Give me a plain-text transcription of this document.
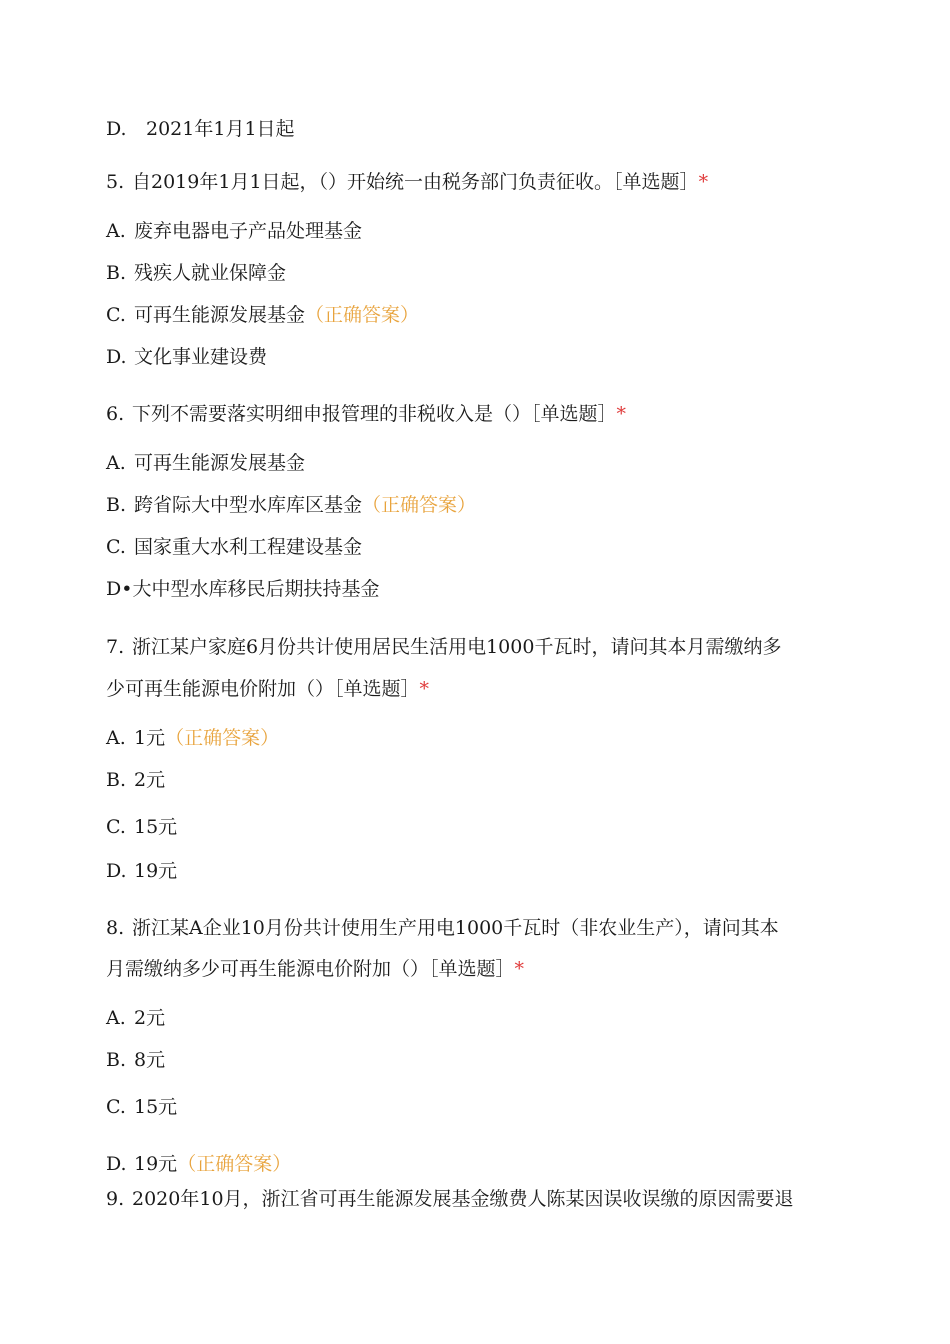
D. 2021年1月1日起
5. 自2019年1月1日起，（）开始统一由税务部门负责征收。［单选题］*
A. 废弃电器电子产品处理基金
B. 残疾人就业保障金
C. 可再生能源发展基金（正确答案）
D. 文化事业建设费
6. 下列不需要落实明细申报管理的非税收入是（）［单选题］*
A. 可再生能源发展基金
B. 跨省际大中型水库库区基金（正确答案）
C. 国家重大水利工程建设基金
D•大中型水库移民后期扶持基金
7. 浙江某户家庭6月份共计使用居民生活用电1000千瓦时，请问其本月需缴纳多
少可再生能源电价附加（）［单选题］*
A. 1元（正确答案）
B. 2元
C. 15元
D. 19元
8. 浙江某A企业10月份共计使用生产用电1000千瓦时（非农业生产），请问其本
月需缴纳多少可再生能源电价附加（）［单选题］*
A. 2元
B. 8元
C. 15元
D. 19元（正确答案）
9. 2020年10月，浙江省可再生能源发展基金缴费人陈某因误收误缴的原因需要退
